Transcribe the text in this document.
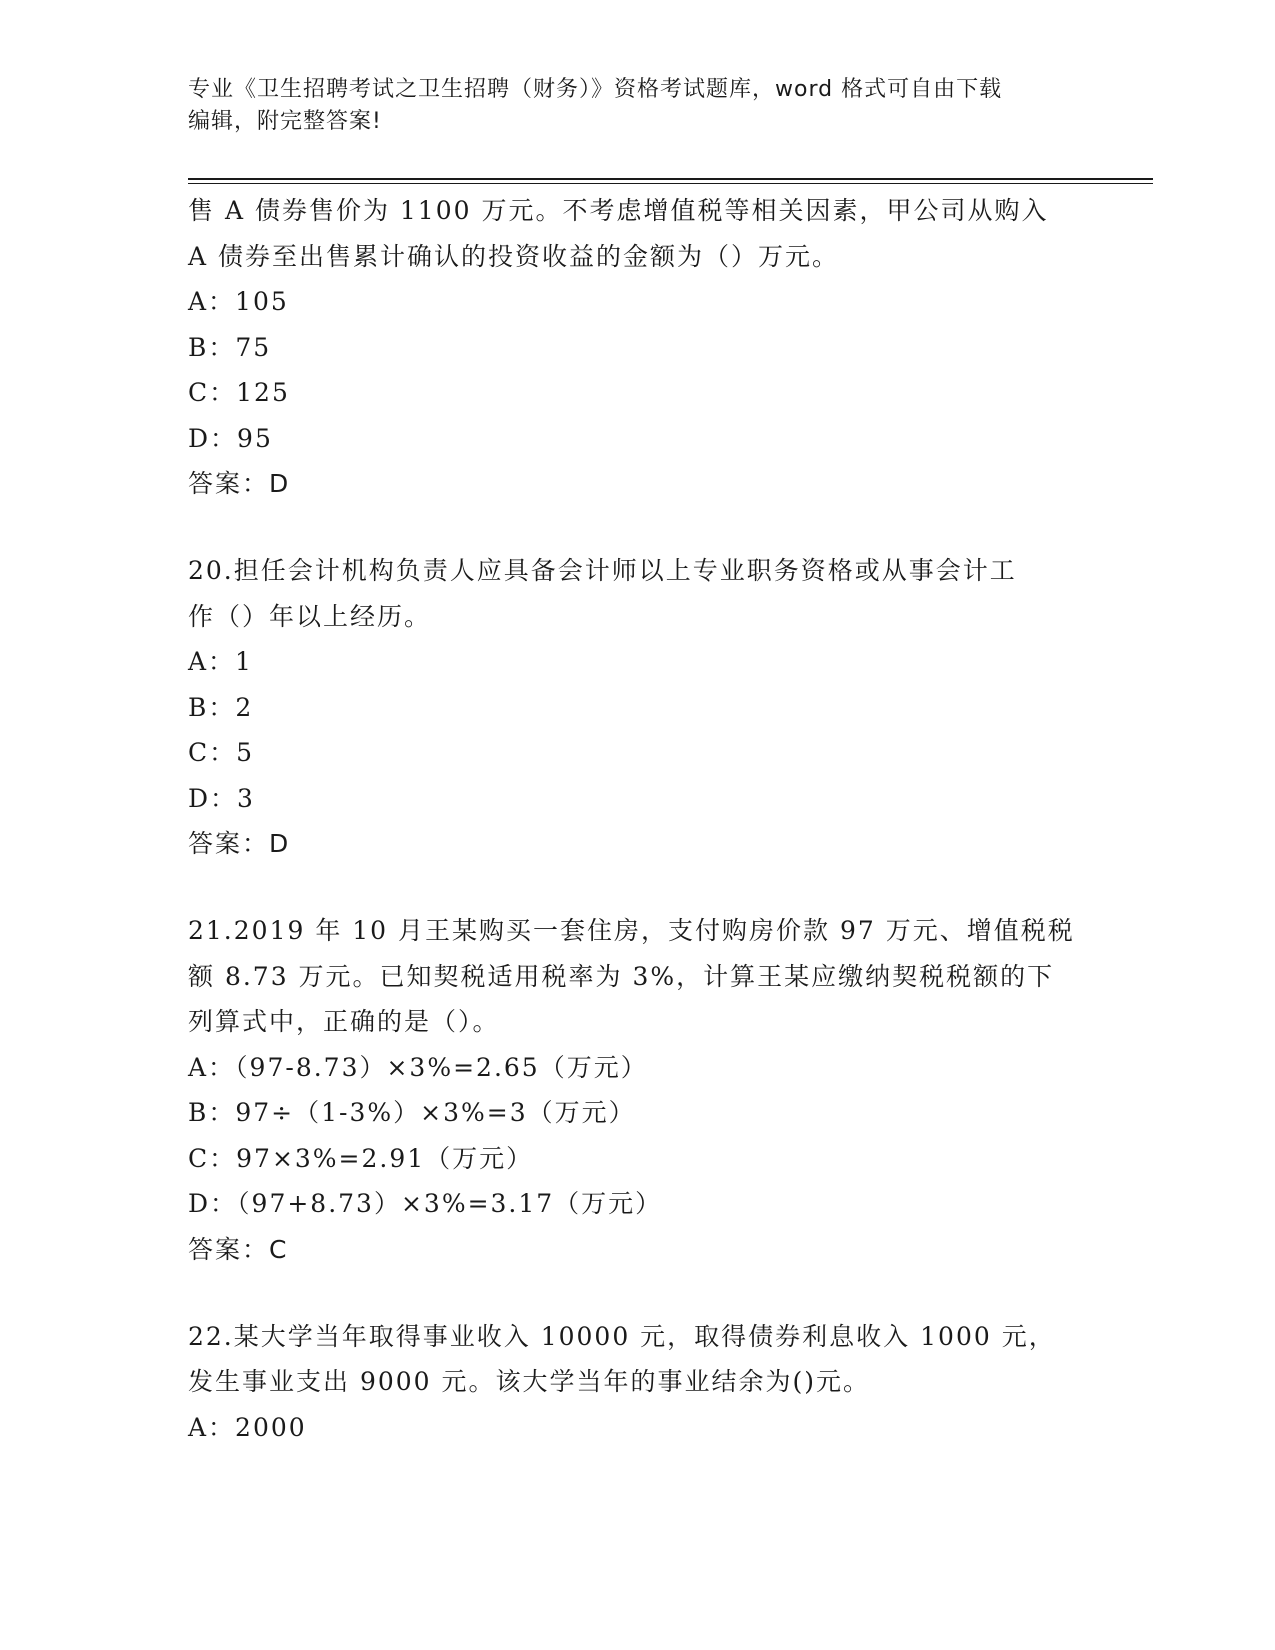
专业《卫生招聘考试之卫生招聘（财务）》资格考试题库，word 格式可自由下载
编辑，附完整答案!
售 A 债券售价为 1100 万元。不考虑增值税等相关因素，甲公司从购入
A 债券至出售累计确认的投资收益的金额为（）万元。
A：105
B：75
C：125
D：95
答案：D
20.担任会计机构负责人应具备会计师以上专业职务资格或从事会计工
作（）年以上经历。
A：1
B：2
C：5
D：3
答案：D
21.2019 年 10 月王某购买一套住房，支付购房价款 97 万元、增值税税
额 8.73 万元。已知契税适用税率为 3%，计算王某应缴纳契税税额的下
列算式中，正确的是（）。
A：（97-8.73）×3%=2.65（万元）
B：97÷（1-3%）×3%=3（万元）
C：97×3%=2.91（万元）
D：（97+8.73）×3%=3.17（万元）
答案：C
22.某大学当年取得事业收入 10000 元，取得债券利息收入 1000 元，
发生事业支出 9000 元。该大学当年的事业结余为()元。
A：2000
